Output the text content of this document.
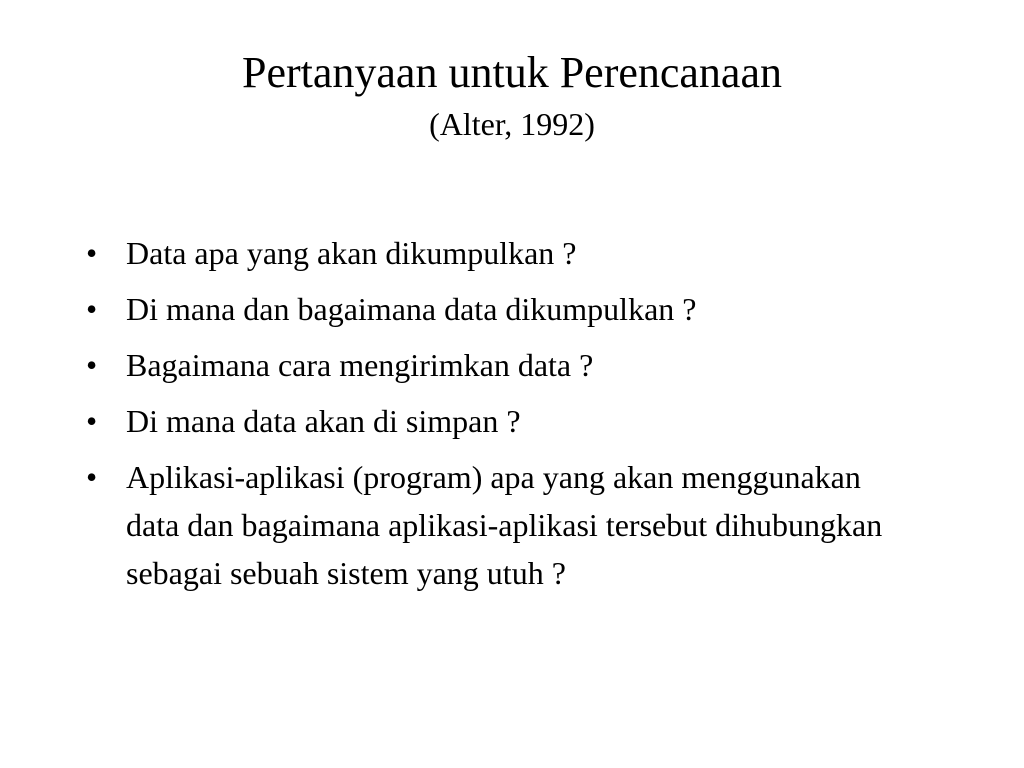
Pertanyaan untuk Perencanaan
(Alter, 1992)
• Data apa yang akan dikumpulkan ?
• Di mana dan bagaimana data dikumpulkan ?
• Bagaimana cara mengirimkan data ?
• Di mana data akan di simpan ?
• Aplikasi-aplikasi (program) apa yang akan menggunakan data dan bagaimana aplikasi-aplikasi tersebut dihubungkan sebagai sebuah sistem yang utuh ?
